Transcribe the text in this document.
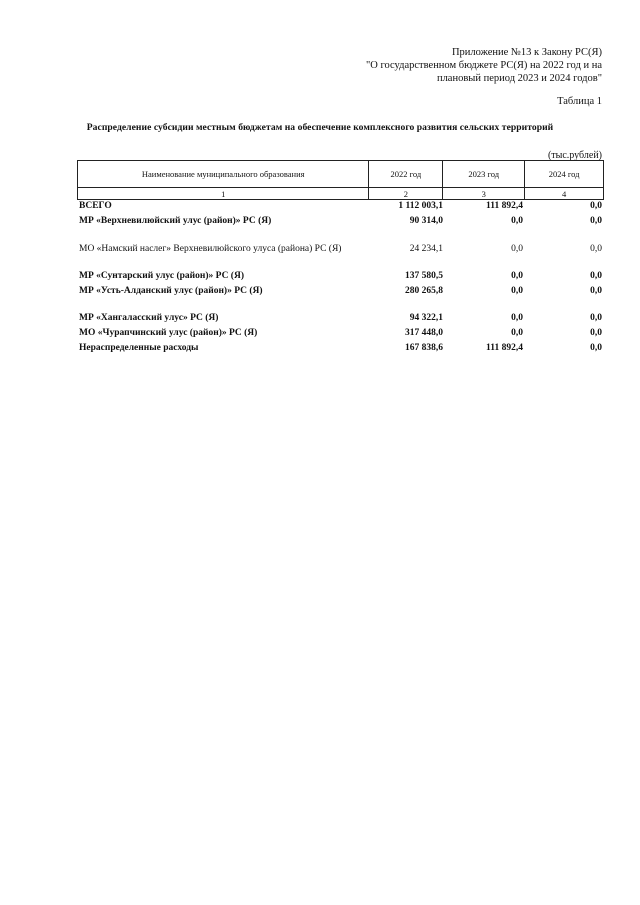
Приложение №13 к Закону РС(Я)
"О государственном бюджете РС(Я) на 2022 год и на
плановый период 2023 и 2024 годов"
Таблица 1
Распределение субсидии местным бюджетам на обеспечение комплексного развития сельских территорий
(тыс.рублей)
Наименование муниципального образования	2022 год	2023 год	2024 год
1	2	3	4
ВСЕГО	1 112 003,1	111 892,4	0,0
МР «Верхневилюйский улус (район)» РС (Я)	90 314,0	0,0	0,0
МО «Намский наслег» Верхневилюйского улуса (района) РС (Я)	24 234,1	0,0	0,0
МР «Сунтарский улус (район)» РС (Я)	137 580,5	0,0	0,0
МР «Усть-Алданский улус (район)» РС (Я)	280 265,8	0,0	0,0
МР «Хангаласский улус» РС (Я)	94 322,1	0,0	0,0
МО «Чурапчинский улус (район)» РС (Я)	317 448,0	0,0	0,0
Нераспределенные расходы	167 838,6	111 892,4	0,0
